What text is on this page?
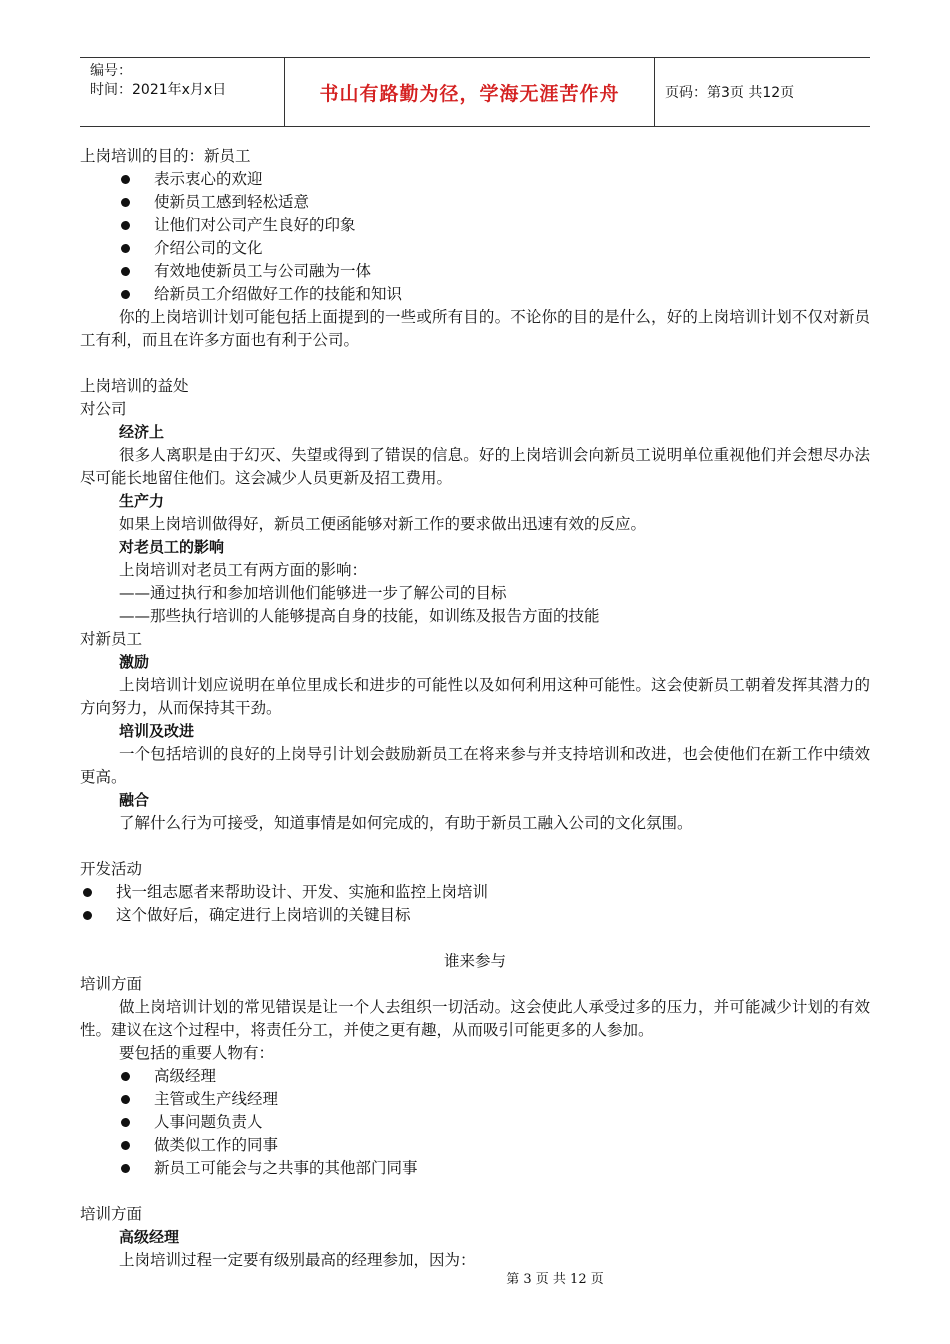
编号：
时间：2021年x月x日	书山有路勤为径，学海无涯苦作舟	页码：第3页 共12页

上岗培训的目的：新员工

表示衷心的欢迎
使新员工感到轻松适意
让他们对公司产生良好的印象
介绍公司的文化
有效地使新员工与公司融为一体
给新员工介绍做好工作的技能和知识

你的上岗培训计划可能包括上面提到的一些或所有目的。不论你的目的是什么，好的上岗培训计划不仅对新员工有利，而且在许多方面也有利于公司。

上岗培训的益处

对公司

经济上

很多人离职是由于幻灭、失望或得到了错误的信息。好的上岗培训会向新员工说明单位重视他们并会想尽办法尽可能长地留住他们。这会减少人员更新及招工费用。

生产力

如果上岗培训做得好，新员工便函能够对新工作的要求做出迅速有效的反应。

对老员工的影响

上岗培训对老员工有两方面的影响：

——通过执行和参加培训他们能够进一步了解公司的目标

——那些执行培训的人能够提高自身的技能，如训练及报告方面的技能

对新员工

激励

上岗培训计划应说明在单位里成长和进步的可能性以及如何利用这种可能性。这会使新员工朝着发挥其潜力的方向努力，从而保持其干劲。

培训及改进

一个包括培训的良好的上岗导引计划会鼓励新员工在将来参与并支持培训和改进，也会使他们在新工作中绩效更高。

融合

了解什么行为可接受，知道事情是如何完成的，有助于新员工融入公司的文化氛围。

开发活动

找一组志愿者来帮助设计、开发、实施和监控上岗培训
这个做好后，确定进行上岗培训的关键目标

谁来参与

培训方面

做上岗培训计划的常见错误是让一个人去组织一切活动。这会使此人承受过多的压力，并可能减少计划的有效性。建议在这个过程中，将责任分工，并使之更有趣，从而吸引可能更多的人参加。

要包括的重要人物有：

高级经理
主管或生产线经理
人事问题负责人
做类似工作的同事
新员工可能会与之共事的其他部门同事

培训方面

高级经理

上岗培训过程一定要有级别最高的经理参加，因为：

第 3 页 共 12 页
